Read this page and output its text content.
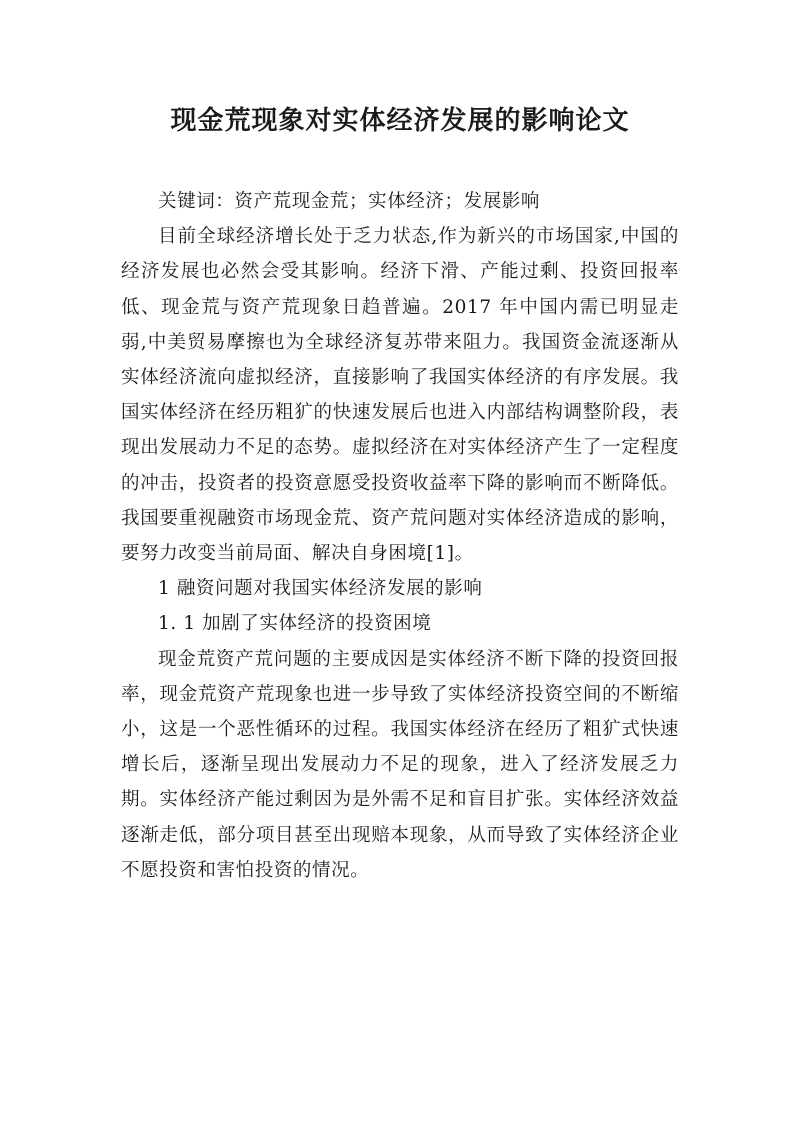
现金荒现象对实体经济发展的影响论文

关键词：资产荒现金荒；实体经济；发展影响

目前全球经济增长处于乏力状态,作为新兴的市场国家,中国的经济发展也必然会受其影响。经济下滑、产能过剩、投资回报率低、现金荒与资产荒现象日趋普遍。2017 年中国内需已明显走弱,中美贸易摩擦也为全球经济复苏带来阻力。我国资金流逐渐从实体经济流向虚拟经济，直接影响了我国实体经济的有序发展。我国实体经济在经历粗犷的快速发展后也进入内部结构调整阶段，表现出发展动力不足的态势。虚拟经济在对实体经济产生了一定程度的冲击，投资者的投资意愿受投资收益率下降的影响而不断降低。我国要重视融资市场现金荒、资产荒问题对实体经济造成的影响，要努力改变当前局面、解决自身困境[1]。

1 融资问题对我国实体经济发展的影响

1. 1 加剧了实体经济的投资困境

现金荒资产荒问题的主要成因是实体经济不断下降的投资回报率，现金荒资产荒现象也进一步导致了实体经济投资空间的不断缩小，这是一个恶性循环的过程。我国实体经济在经历了粗犷式快速增长后，逐渐呈现出发展动力不足的现象，进入了经济发展乏力期。实体经济产能过剩因为是外需不足和盲目扩张。实体经济效益逐渐走低，部分项目甚至出现赔本现象，从而导致了实体经济企业不愿投资和害怕投资的情况。
